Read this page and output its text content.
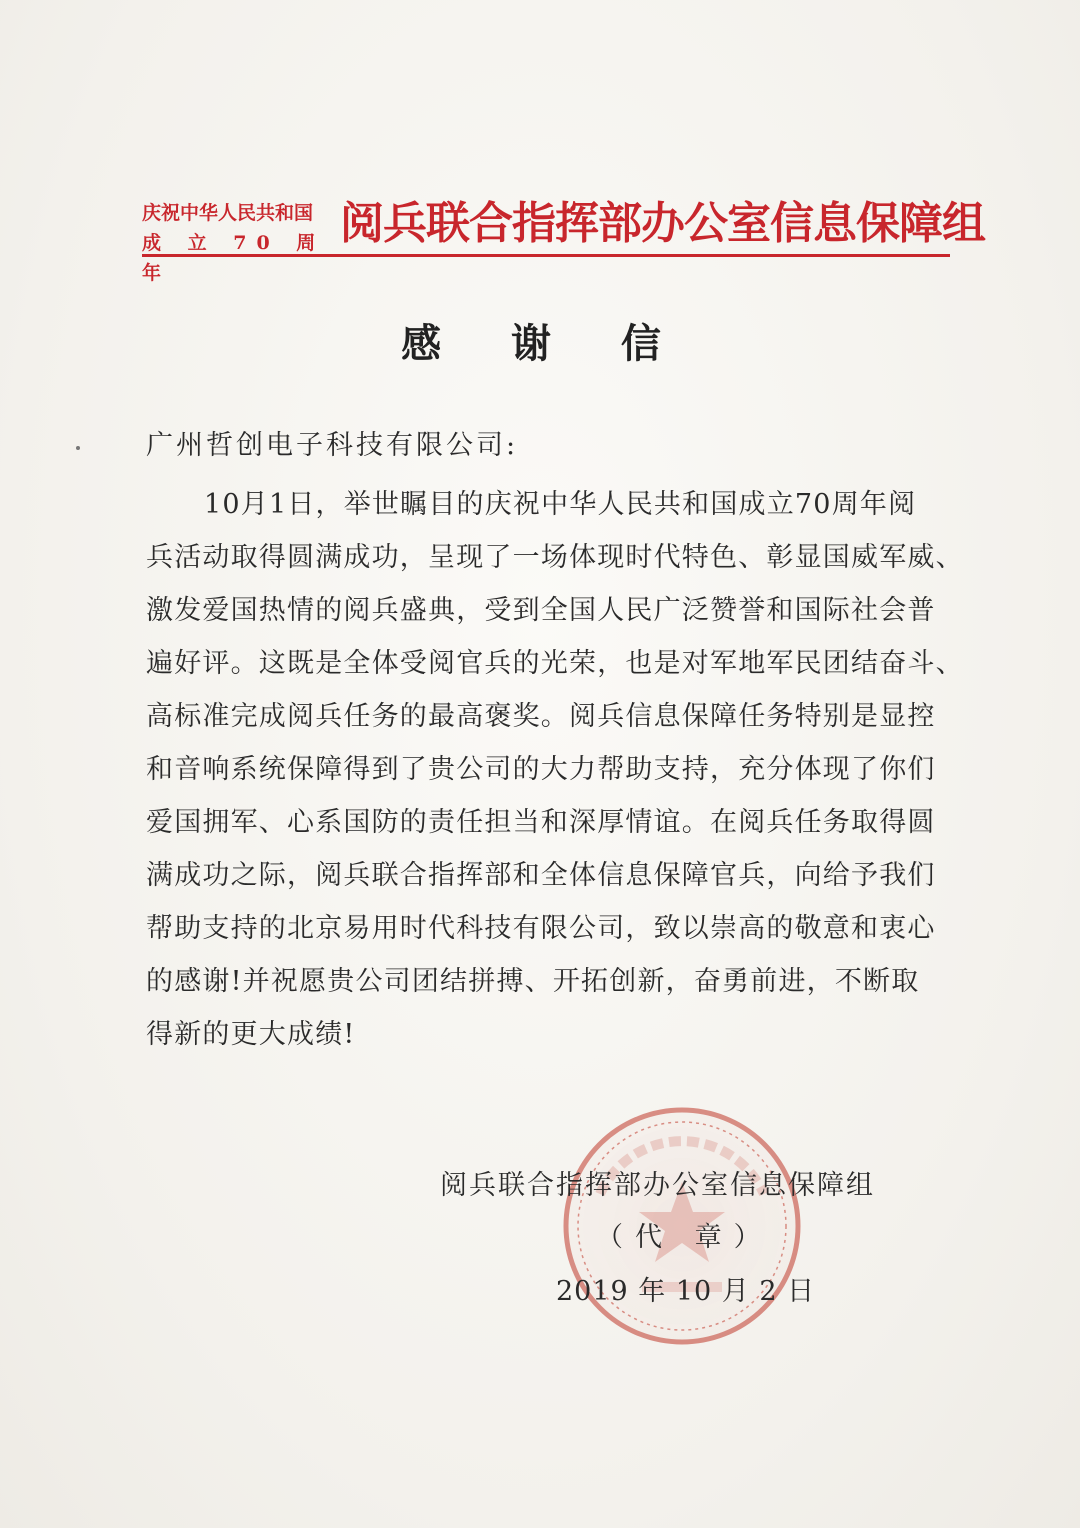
庆祝中华人民共和国
成 立 70 周 年
阅兵联合指挥部办公室信息保障组
感 谢 信
广州哲创电子科技有限公司:
10月1日，举世瞩目的庆祝中华人民共和国成立70周年阅
兵活动取得圆满成功，呈现了一场体现时代特色、彰显国威军威、
激发爱国热情的阅兵盛典，受到全国人民广泛赞誉和国际社会普
遍好评。这既是全体受阅官兵的光荣，也是对军地军民团结奋斗、
高标准完成阅兵任务的最高褒奖。阅兵信息保障任务特别是显控
和音响系统保障得到了贵公司的大力帮助支持，充分体现了你们
爱国拥军、心系国防的责任担当和深厚情谊。在阅兵任务取得圆
满成功之际，阅兵联合指挥部和全体信息保障官兵，向给予我们
帮助支持的北京易用时代科技有限公司，致以崇高的敬意和衷心
的感谢!并祝愿贵公司团结拼搏、开拓创新，奋勇前进，不断取
得新的更大成绩!
阅兵联合指挥部办公室信息保障组
（代 章）
2019 年 10 月 2 日
